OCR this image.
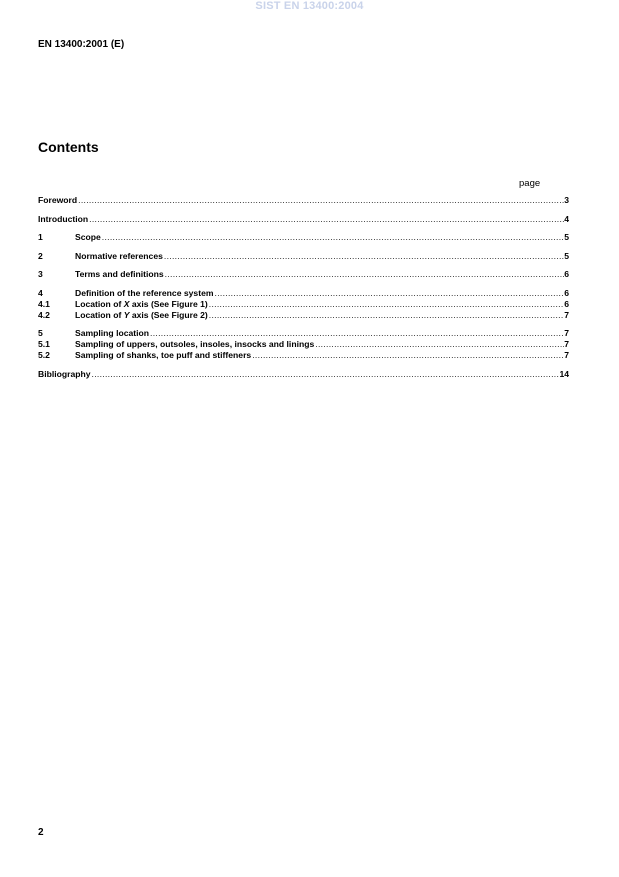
SIST EN 13400:2004
EN 13400:2001 (E)
Contents
page
Foreword .....	3
Introduction .....	4
1	Scope .....	5
2	Normative references .....	5
3	Terms and definitions .....	6
4	Definition of the reference system .....	6
4.1	Location of X axis (See Figure 1) .....	6
4.2	Location of Y axis (See Figure 2) .....	7
5	Sampling location .....	7
5.1	Sampling of uppers, outsoles, insoles, insocks and linings .....	7
5.2	Sampling of shanks, toe puff and stiffeners .....	7
Bibliography .....	14
2
